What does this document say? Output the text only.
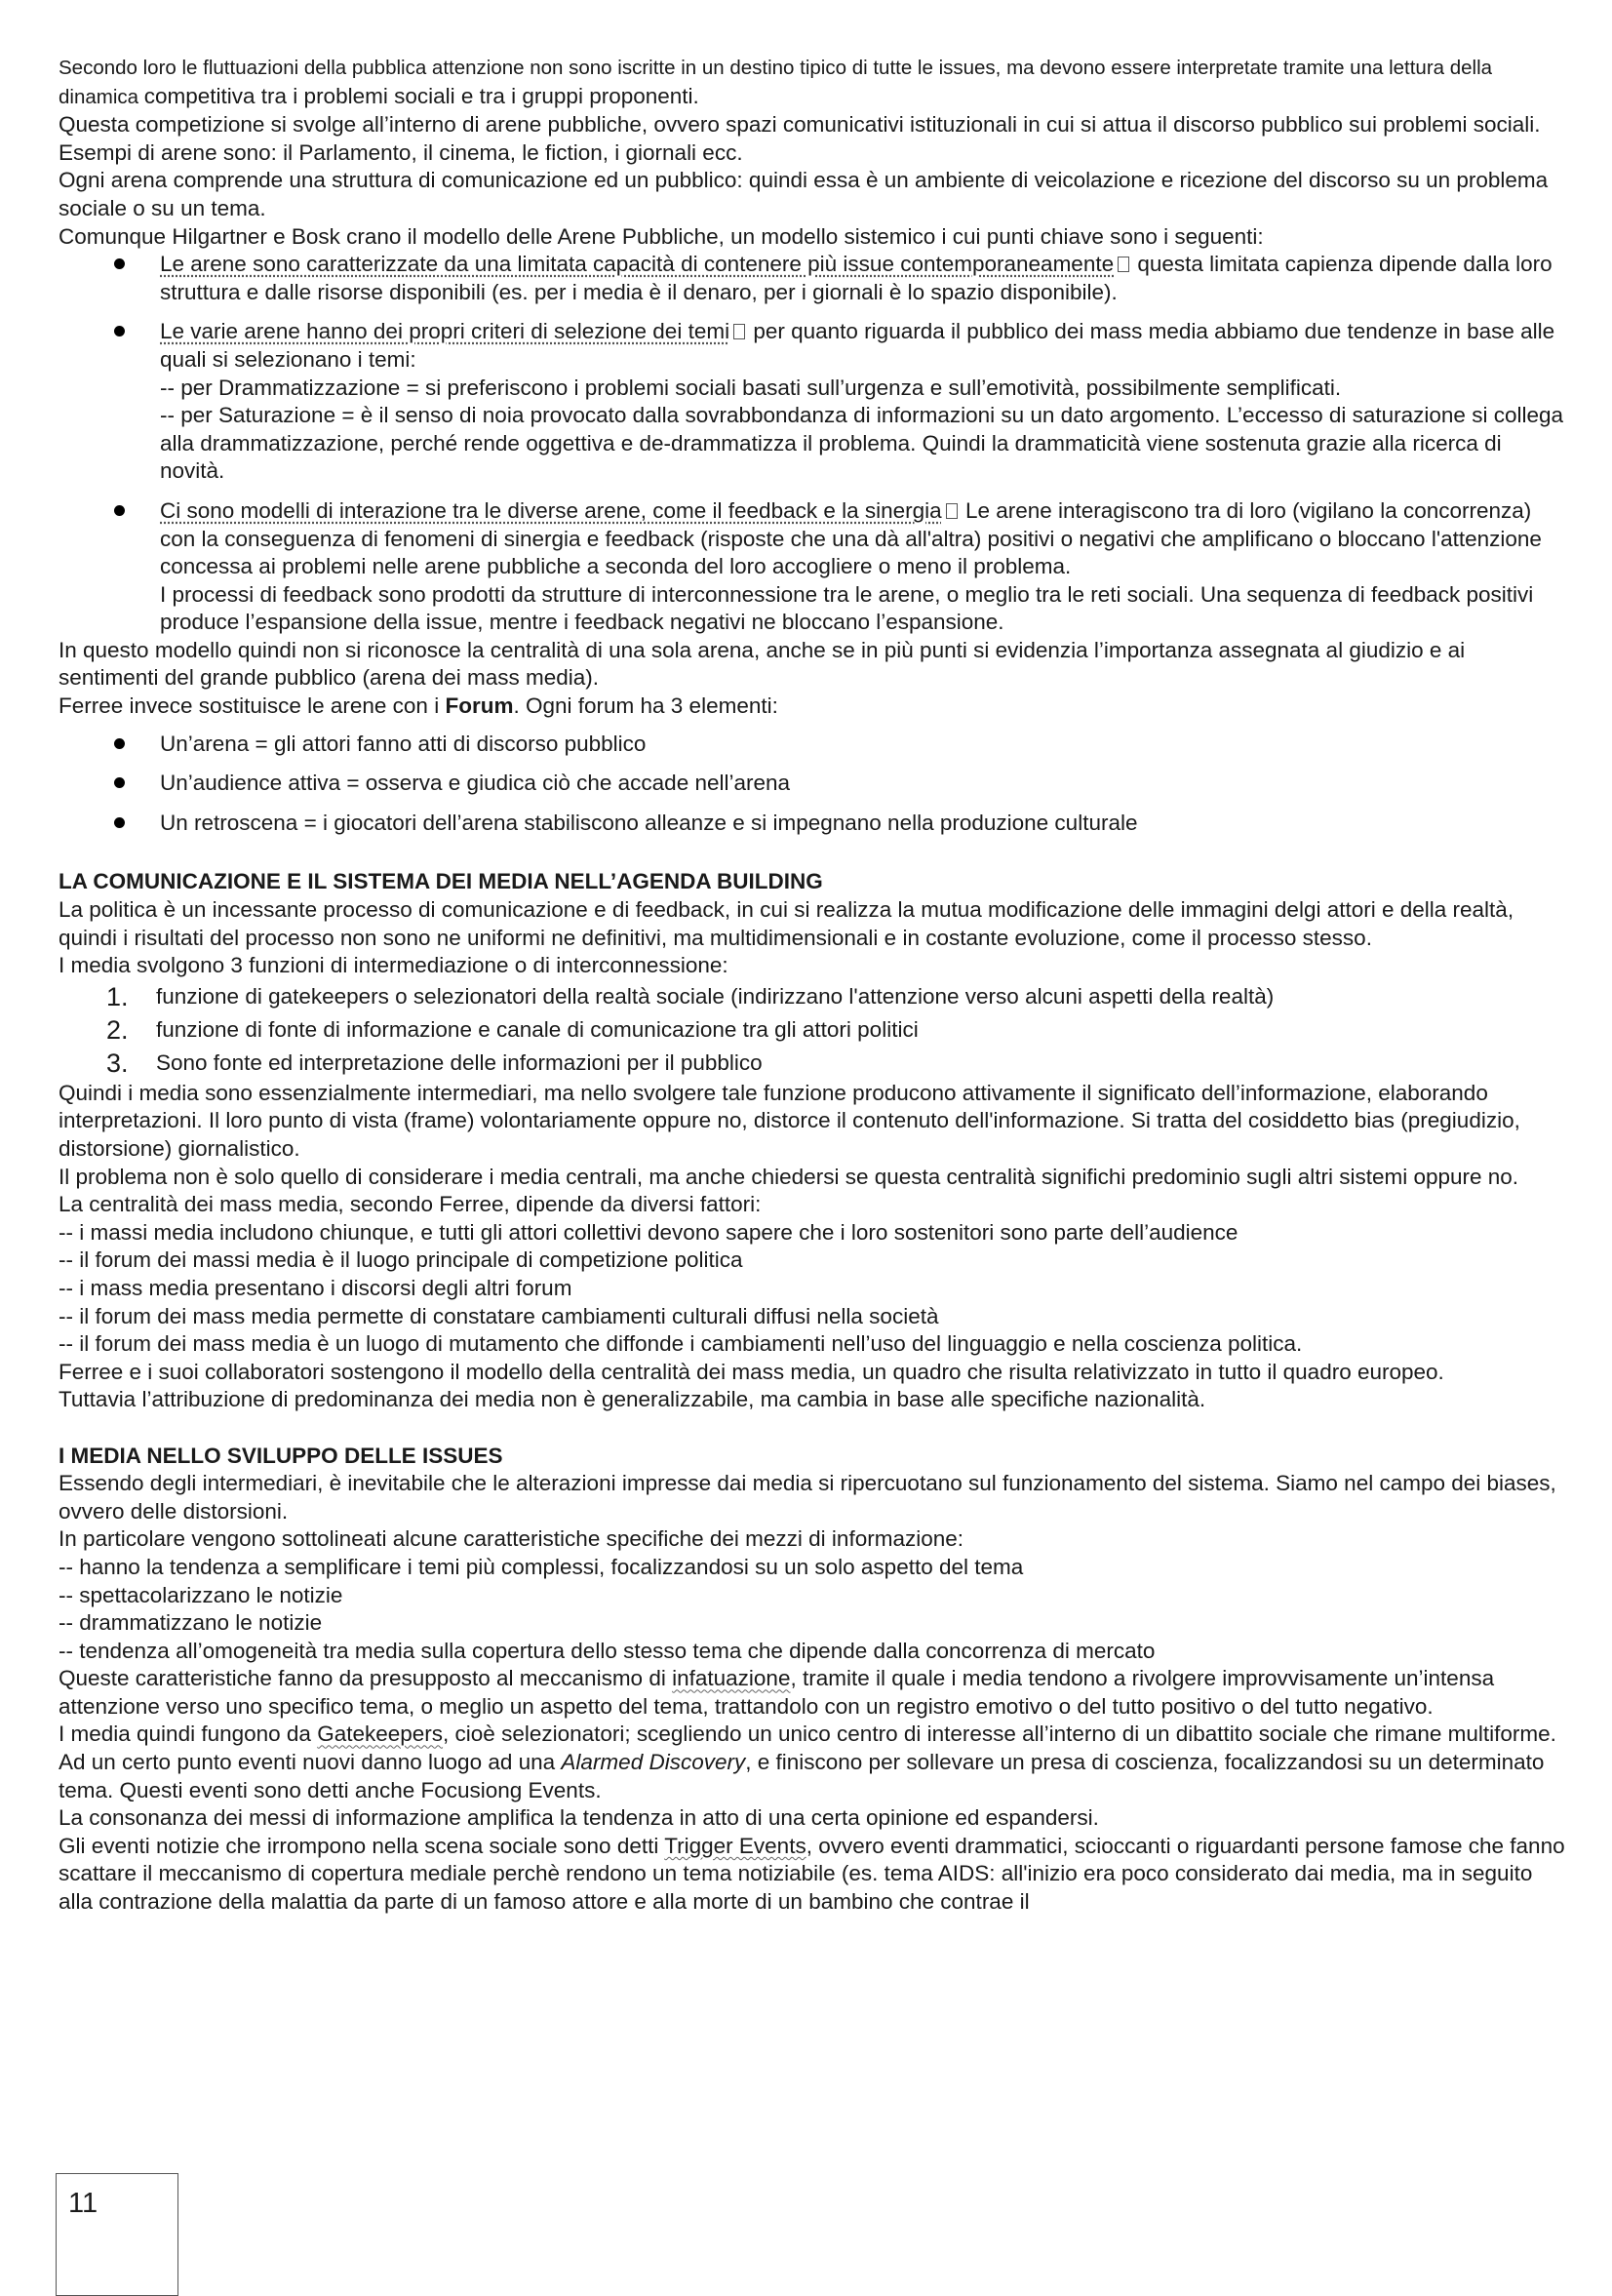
Secondo loro le fluttuazioni della pubblica attenzione non sono iscritte in un destino tipico di tutte le issues, ma devono essere interpretate tramite una lettura della dinamica competitiva tra i problemi sociali e tra i gruppi proponenti.

Questa competizione si svolge all’interno di arene pubbliche, ovvero spazi comunicativi istituzionali in cui si attua il discorso pubblico sui problemi sociali. Esempi di arene sono: il Parlamento, il cinema, le fiction, i giornali ecc.

Ogni arena comprende una struttura di comunicazione ed un pubblico: quindi essa è un ambiente di veicolazione e ricezione del discorso su un problema sociale o su un tema.

Comunque Hilgartner e Bosk crano il modello delle Arene Pubbliche, un modello sistemico i cui punti chiave sono i seguenti:

Le arene sono caratterizzate da una limitata capacità di contenere più issue contemporaneamente questa limitata capienza dipende dalla loro struttura e dalle risorse disponibili (es. per i media è il denaro, per i giornali è lo spazio disponibile).
Le varie arene hanno dei propri criteri di selezione dei temi per quanto riguarda il pubblico dei mass media abbiamo due tendenze in base alle quali si selezionano i temi:
-- per Drammatizzazione = si preferiscono i problemi sociali basati sull’urgenza e sull’emotività, possibilmente semplificati.
-- per Saturazione = è il senso di noia provocato dalla sovrabbondanza di informazioni su un dato argomento. L’eccesso di saturazione si collega alla drammatizzazione, perché rende oggettiva e de-drammatizza il problema. Quindi la drammaticità viene sostenuta grazie alla ricerca di novità.
Ci sono modelli di interazione tra le diverse arene, come il feedback e la sinergia Le arene interagiscono tra di loro (vigilano la concorrenza) con la conseguenza di fenomeni di sinergia e feedback (risposte che una dà all'altra) positivi o negativi che amplificano o bloccano l'attenzione concessa ai problemi nelle arene pubbliche a seconda del loro accogliere o meno il problema.
I processi di feedback sono prodotti da strutture di interconnessione tra le arene, o meglio tra le reti sociali. Una sequenza di feedback positivi produce l’espansione della issue, mentre i feedback negativi ne bloccano l’espansione.

In questo modello quindi non si riconosce la centralità di una sola arena, anche se in più punti si evidenzia l’importanza assegnata al giudizio e ai sentimenti del grande pubblico (arena dei mass media).

Ferree invece sostituisce le arene con i Forum. Ogni forum ha 3 elementi:

Un’arena = gli attori fanno atti di discorso pubblico
Un’audience attiva = osserva e giudica ciò che accade nell’arena
Un retroscena = i giocatori dell’arena stabiliscono alleanze e si impegnano nella produzione culturale

LA COMUNICAZIONE E IL SISTEMA DEI MEDIA NELL’AGENDA BUILDING

La politica è un incessante processo di comunicazione e di feedback, in cui si realizza la mutua modificazione delle immagini delgi attori e della realtà, quindi i risultati del processo non sono ne uniformi ne definitivi, ma multidimensionali e in costante evoluzione, come il processo stesso.

I media svolgono 3 funzioni di intermediazione o di interconnessione:

1. funzione di gatekeepers o selezionatori della realtà sociale (indirizzano l'attenzione verso alcuni aspetti della realtà)
2. funzione di fonte di informazione e canale di comunicazione tra gli attori politici
3. Sono fonte ed interpretazione delle informazioni per il pubblico

Quindi i media sono essenzialmente intermediari, ma nello svolgere tale funzione producono attivamente il significato dell’informazione, elaborando interpretazioni. Il loro punto di vista (frame) volontariamente oppure no, distorce il contenuto dell'informazione. Si tratta del cosiddetto bias (pregiudizio, distorsione) giornalistico.

Il problema non è solo quello di considerare i media centrali, ma anche chiedersi se questa centralità significhi predominio sugli altri sistemi oppure no.

La centralità dei mass media, secondo Ferree, dipende da diversi fattori:

-- i massi media includono chiunque, e tutti gli attori collettivi devono sapere che i loro sostenitori sono parte dell’audience

-- il forum dei massi media è il luogo principale di competizione politica

-- i mass media presentano i discorsi degli altri forum

-- il forum dei mass media permette di constatare cambiamenti culturali diffusi nella società

-- il forum dei mass media è un luogo di mutamento che diffonde i cambiamenti nell’uso del linguaggio e nella coscienza politica.

Ferree e i suoi collaboratori sostengono il modello della centralità dei mass media, un quadro che risulta relativizzato in tutto il quadro europeo.

Tuttavia l’attribuzione di predominanza dei media non è generalizzabile, ma cambia in base alle specifiche nazionalità.

I MEDIA NELLO SVILUPPO DELLE ISSUES

Essendo degli intermediari, è inevitabile che le alterazioni impresse dai media si ripercuotano sul funzionamento del sistema. Siamo nel campo dei biases, ovvero delle distorsioni.

In particolare vengono sottolineati alcune caratteristiche specifiche dei mezzi di informazione:

-- hanno la tendenza a semplificare i temi più complessi, focalizzandosi su un solo aspetto del tema

-- spettacolarizzano le notizie

-- drammatizzano le notizie

-- tendenza all’omogeneità tra media sulla copertura dello stesso tema che dipende dalla concorrenza di mercato

Queste caratteristiche fanno da presupposto al meccanismo di infatuazione, tramite il quale i media tendono a rivolgere improvvisamente un’intensa attenzione verso uno specifico tema, o meglio un aspetto del tema, trattandolo con un registro emotivo o del tutto positivo o del tutto negativo.

I media quindi fungono da Gatekeepers, cioè selezionatori; scegliendo un unico centro di interesse all’interno di un dibattito sociale che rimane multiforme.

Ad un certo punto eventi nuovi danno luogo ad una Alarmed Discovery, e finiscono per sollevare un presa di coscienza, focalizzandosi su un determinato tema. Questi eventi sono detti anche Focusiong Events.

La consonanza dei messi di informazione amplifica la tendenza in atto di una certa opinione ed espandersi.

Gli eventi notizie che irrompono nella scena sociale sono detti Trigger Events, ovvero eventi drammatici, scioccanti o riguardanti persone famose che fanno scattare il meccanismo di copertura mediale perchè rendono un tema notiziabile (es. tema AIDS: all'inizio era poco considerato dai media, ma in seguito alla contrazione della malattia da parte di un famoso attore e alla morte di un bambino che contrae il

11
